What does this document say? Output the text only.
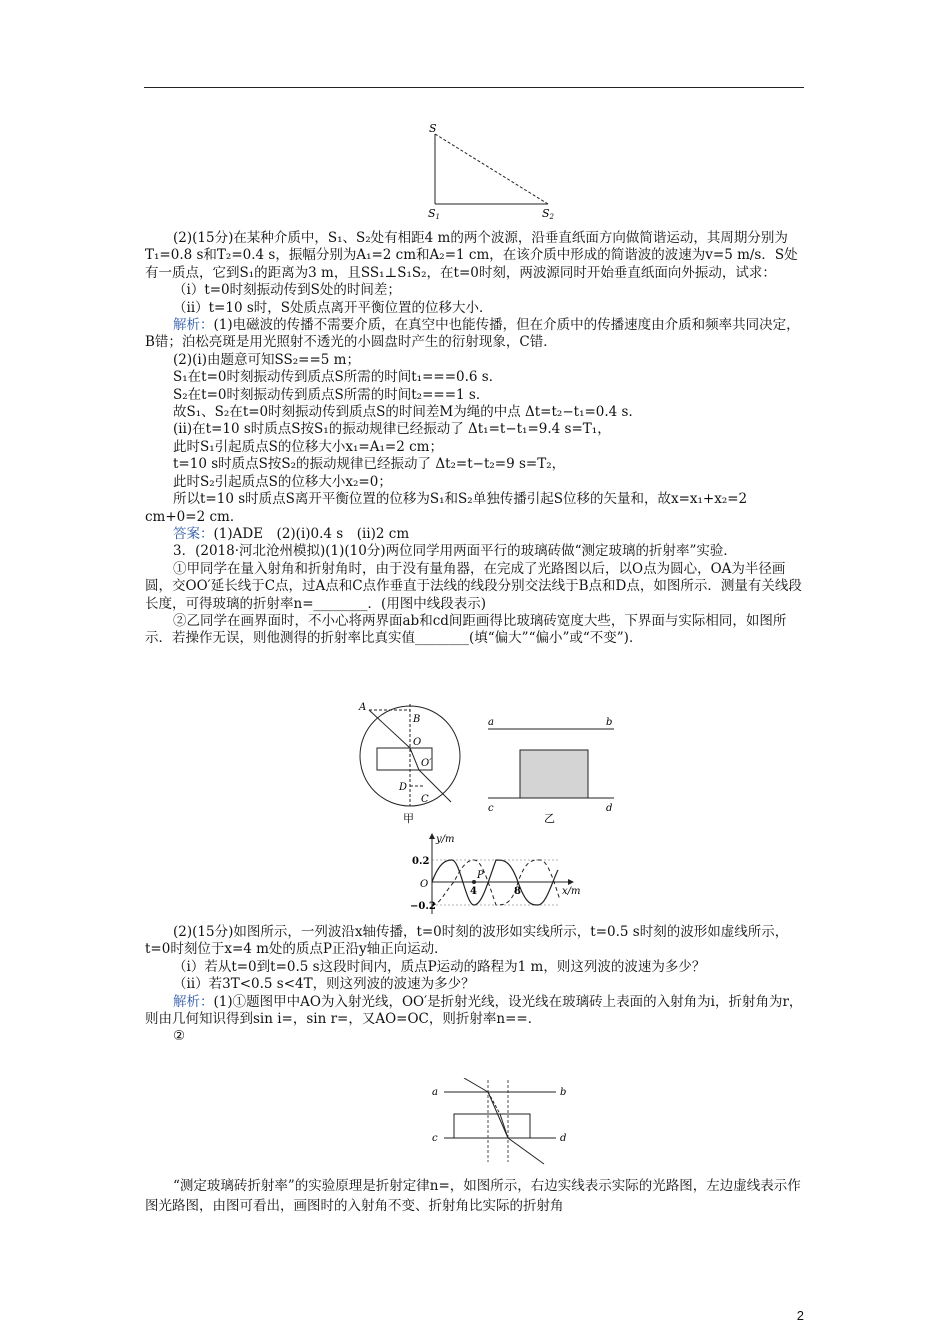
S
S1	S2

(2)(15分)在某种介质中，S₁、S₂处有相距4 m的两个波源，沿垂直纸面方向做简谐运动，其周期分别为T₁=0.8 s和T₂=0.4 s，振幅分别为A₁=2 cm和A₂=1 cm，在该介质中形成的简谐波的波速为v=5 m/s．S处有一质点，它到S₁的距离为3 m，且SS₁⊥S₁S₂，在t=0时刻，两波源同时开始垂直纸面向外振动，试求：

（ⅰ）t=0时刻振动传到S处的时间差；

（ⅱ）t=10 s时，S处质点离开平衡位置的位移大小．

解析：(1)电磁波的传播不需要介质，在真空中也能传播，但在介质中的传播速度由介质和频率共同决定，B错；泊松亮斑是用光照射不透光的小圆盘时产生的衍射现象，C错．

(2)(ⅰ)由题意可知SS₂==5 m；

S₁在t=0时刻振动传到质点S所需的时间t₁===0.6 s．

S₂在t=0时刻振动传到质点S所需的时间t₂===1 s．

故S₁、S₂在t=0时刻振动传到质点S的时间差M为绳的中点 Δt=t₂−t₁=0.4 s．

(ⅱ)在t=10 s时质点S按S₁的振动规律已经振动了 Δt₁=t−t₁=9.4 s=T₁，

此时S₁引起质点S的位移大小x₁=A₁=2 cm；

t=10 s时质点S按S₂的振动规律已经振动了 Δt₂=t−t₂=9 s=T₂，

此时S₂引起质点S的位移大小x₂=0；

所以t=10 s时质点S离开平衡位置的位移为S₁和S₂单独传播引起S位移的矢量和，故x=x₁+x₂=2 cm+0=2 cm．

答案：(1)ADE　(2)(ⅰ)0.4 s　(ⅱ)2 cm

3．(2018·河北沧州模拟)(1)(10分)两位同学用两面平行的玻璃砖做“测定玻璃的折射率”实验．

①甲同学在量入射角和折射角时，由于没有量角器，在完成了光路图以后，以O点为圆心，OA为半径画圆，交OO′延长线于C点，过A点和C点作垂直于法线的线段分别交法线于B点和D点，如图所示．测量有关线段长度，可得玻璃的折射率n=________．(用图中线段表示)

②乙同学在画界面时，不小心将两界面ab和cd间距画得比玻璃砖宽度大些，下界面与实际相同，如图所示．若操作无误，则他测得的折射率比真实值________(填“偏大”“偏小”或“不变”)．

A
B
O
O′
D
C
甲
a	b
c	d
乙
y/m
x/m
0.2
−0.2
O
4	8
P

(2)(15分)如图所示，一列波沿x轴传播，t=0时刻的波形如实线所示，t=0.5 s时刻的波形如虚线所示，t=0时刻位于x=4 m处的质点P正沿y轴正向运动．

（ⅰ）若从t=0到t=0.5 s这段时间内，质点P运动的路程为1 m，则这列波的波速为多少？

（ⅱ）若3T<0.5 s<4T，则这列波的波速为多少？

解析：(1)①题图甲中AO为入射光线，OO′是折射光线，设光线在玻璃砖上表面的入射角为i，折射角为r，则由几何知识得到sin i=，sin r=，又AO=OC，则折射率n==．

②

a	b
c	d

“测定玻璃砖折射率”的实验原理是折射定律n=，如图所示，右边实线表示实际的光路图，左边虚线表示作图光路图，由图可看出，画图时的入射角不变、折射角比实际的折射角

2
